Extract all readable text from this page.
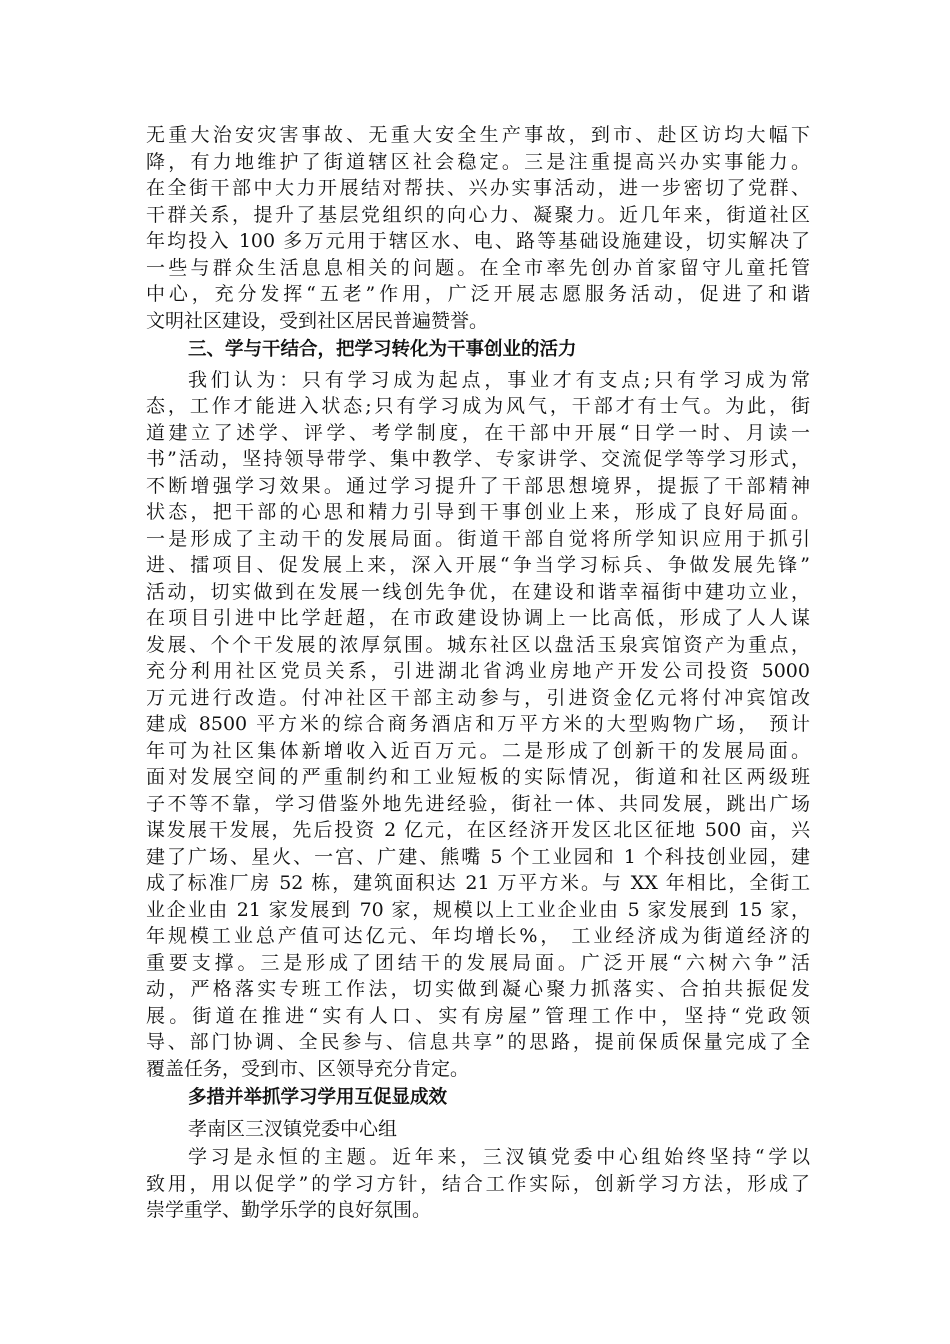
无重大治安灾害事故、无重大安全生产事故，到市、赴区访均大幅下
降，有力地维护了街道辖区社会稳定。三是注重提高兴办实事能力。
在全街干部中大力开展结对帮扶、兴办实事活动，进一步密切了党群、
干群关系，提升了基层党组织的向心力、凝聚力。近几年来，街道社区
年均投入 100 多万元用于辖区水、电、路等基础设施建设，切实解决了
一些与群众生活息息相关的问题。在全市率先创办首家留守儿童托管
中心，充分发挥“五老”作用，广泛开展志愿服务活动，促进了和谐
文明社区建设，受到社区居民普遍赞誉。
三、学与干结合，把学习转化为干事创业的活力
我们认为：只有学习成为起点，事业才有支点;只有学习成为常
态，工作才能进入状态;只有学习成为风气，干部才有士气。为此，街
道建立了述学、评学、考学制度，在干部中开展“日学一时、月读一
书”活动，坚持领导带学、集中教学、专家讲学、交流促学等学习形式，
不断增强学习效果。通过学习提升了干部思想境界，提振了干部精神
状态，把干部的心思和精力引导到干事创业上来，形成了良好局面。
一是形成了主动干的发展局面。街道干部自觉将所学知识应用于抓引
进、擂项目、促发展上来，深入开展“争当学习标兵、争做发展先锋”
活动，切实做到在发展一线创先争优，在建设和谐幸福街中建功立业，
在项目引进中比学赶超，在市政建设协调上一比高低，形成了人人谋
发展、个个干发展的浓厚氛围。城东社区以盘活玉泉宾馆资产为重点，
充分利用社区党员关系，引进湖北省鸿业房地产开发公司投资 5000
万元进行改造。付冲社区干部主动参与，引进资金亿元将付冲宾馆改
建成 8500 平方米的综合商务酒店和万平方米的大型购物广场， 预计
年可为社区集体新增收入近百万元。二是形成了创新干的发展局面。
面对发展空间的严重制约和工业短板的实际情况，街道和社区两级班
子不等不靠，学习借鉴外地先进经验，街社一体、共同发展，跳出广场
谋发展干发展，先后投资 2 亿元，在区经济开发区北区征地 500 亩，兴
建了广场、星火、一宫、广建、熊嘴 5 个工业园和 1 个科技创业园，建
成了标准厂房 52 栋，建筑面积达 21 万平方米。与 XX 年相比，全街工
业企业由 21 家发展到 70 家，规模以上工业企业由 5 家发展到 15 家，
年规模工业总产值可达亿元、年均增长%， 工业经济成为街道经济的
重要支撑。三是形成了团结干的发展局面。广泛开展“六树六争”活
动，严格落实专班工作法，切实做到凝心聚力抓落实、合拍共振促发
展。街道在推进“实有人口、实有房屋”管理工作中，坚持“党政领
导、部门协调、全民参与、信息共享”的思路，提前保质保量完成了全
覆盖任务，受到市、区领导充分肯定。
多措并举抓学习学用互促显成效
孝南区三汊镇党委中心组
学习是永恒的主题。近年来，三汊镇党委中心组始终坚持“学以
致用，用以促学”的学习方针，结合工作实际，创新学习方法，形成了
崇学重学、勤学乐学的良好氛围。
